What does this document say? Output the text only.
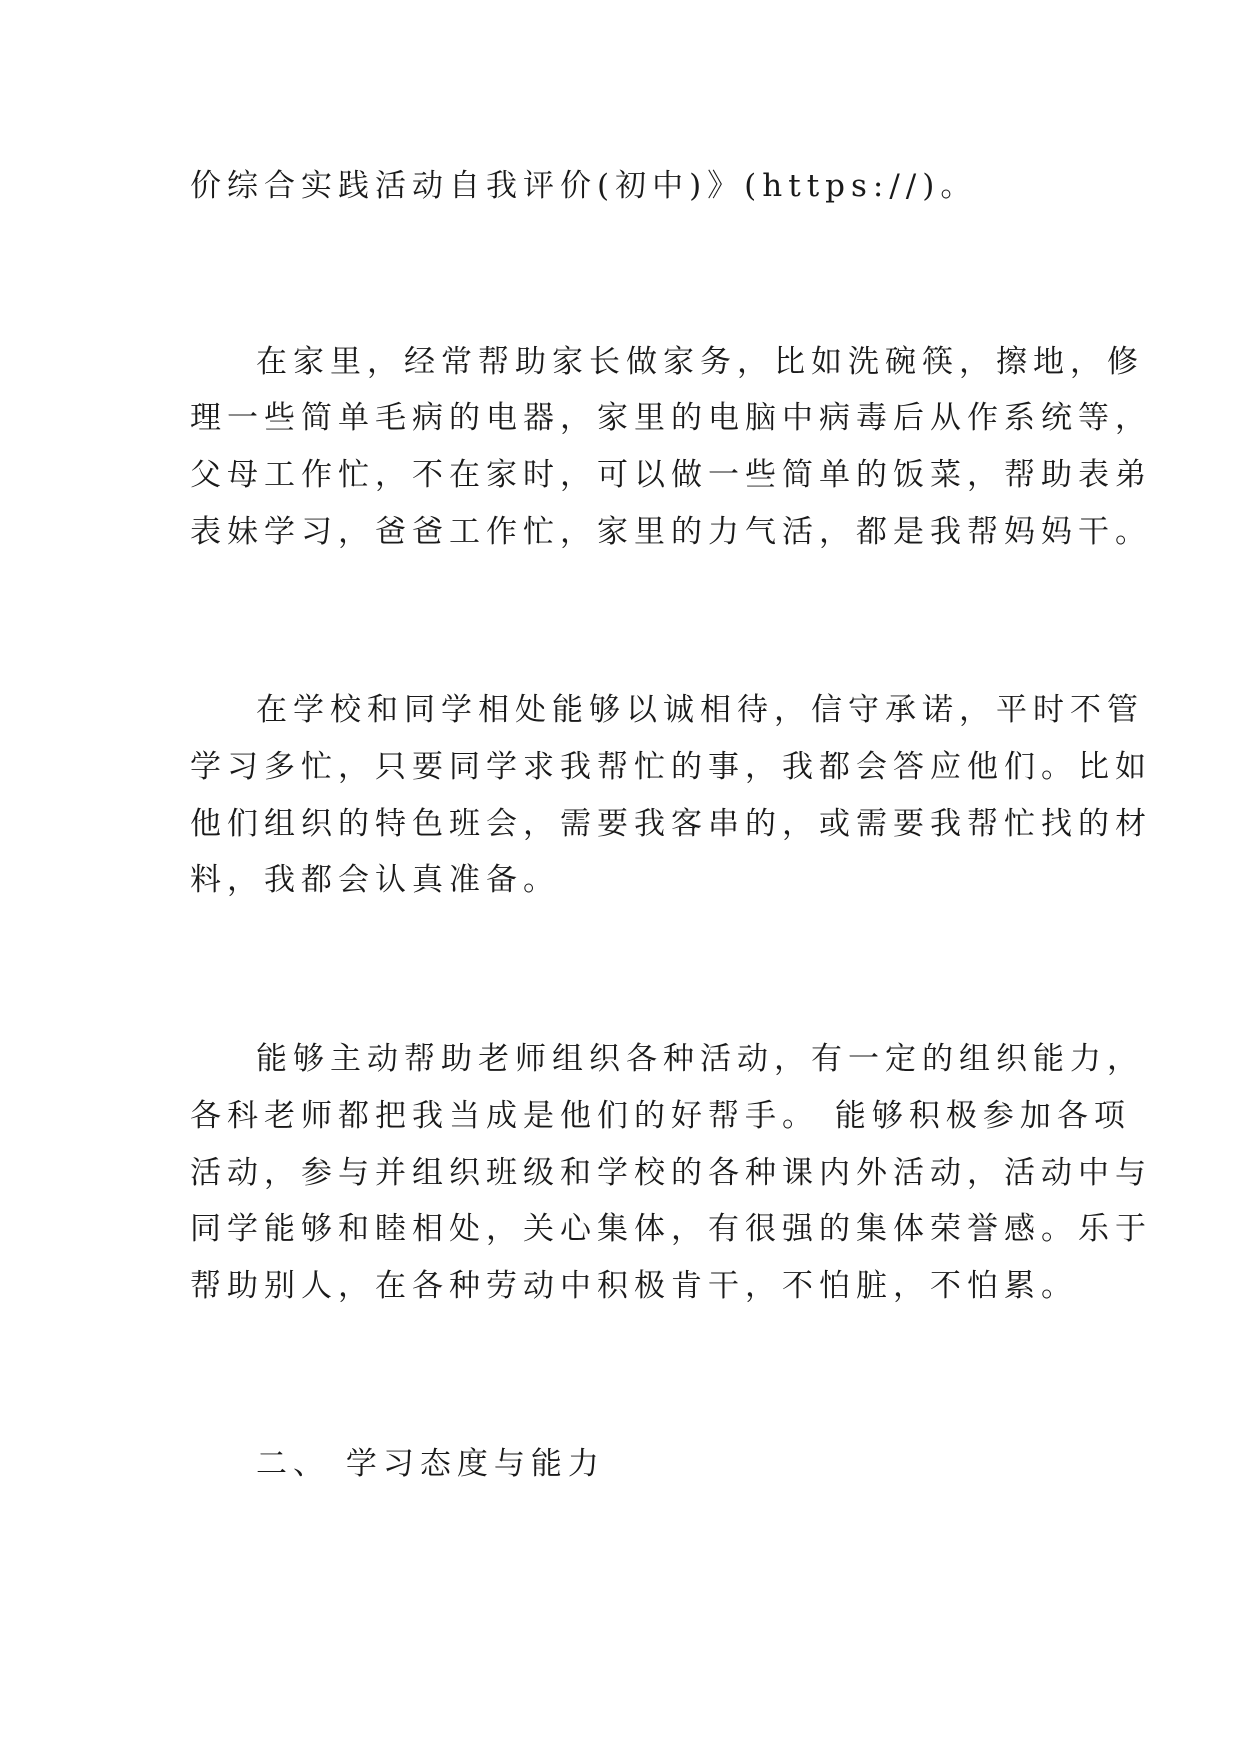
价综合实践活动自我评价(初中)》(https://)。
在家里，经常帮助家长做家务，比如洗碗筷，擦地，修
理一些简单毛病的电器，家里的电脑中病毒后从作系统等，
父母工作忙，不在家时，可以做一些简单的饭菜，帮助表弟
表妹学习，爸爸工作忙，家里的力气活，都是我帮妈妈干。
在学校和同学相处能够以诚相待，信守承诺，平时不管
学习多忙，只要同学求我帮忙的事，我都会答应他们。比如
他们组织的特色班会，需要我客串的，或需要我帮忙找的材
料，我都会认真准备。
能够主动帮助老师组织各种活动，有一定的组织能力，
各科老师都把我当成是他们的好帮手。 能够积极参加各项
活动，参与并组织班级和学校的各种课内外活动，活动中与
同学能够和睦相处，关心集体，有很强的集体荣誉感。乐于
帮助别人，在各种劳动中积极肯干，不怕脏，不怕累。
二、 学习态度与能力
